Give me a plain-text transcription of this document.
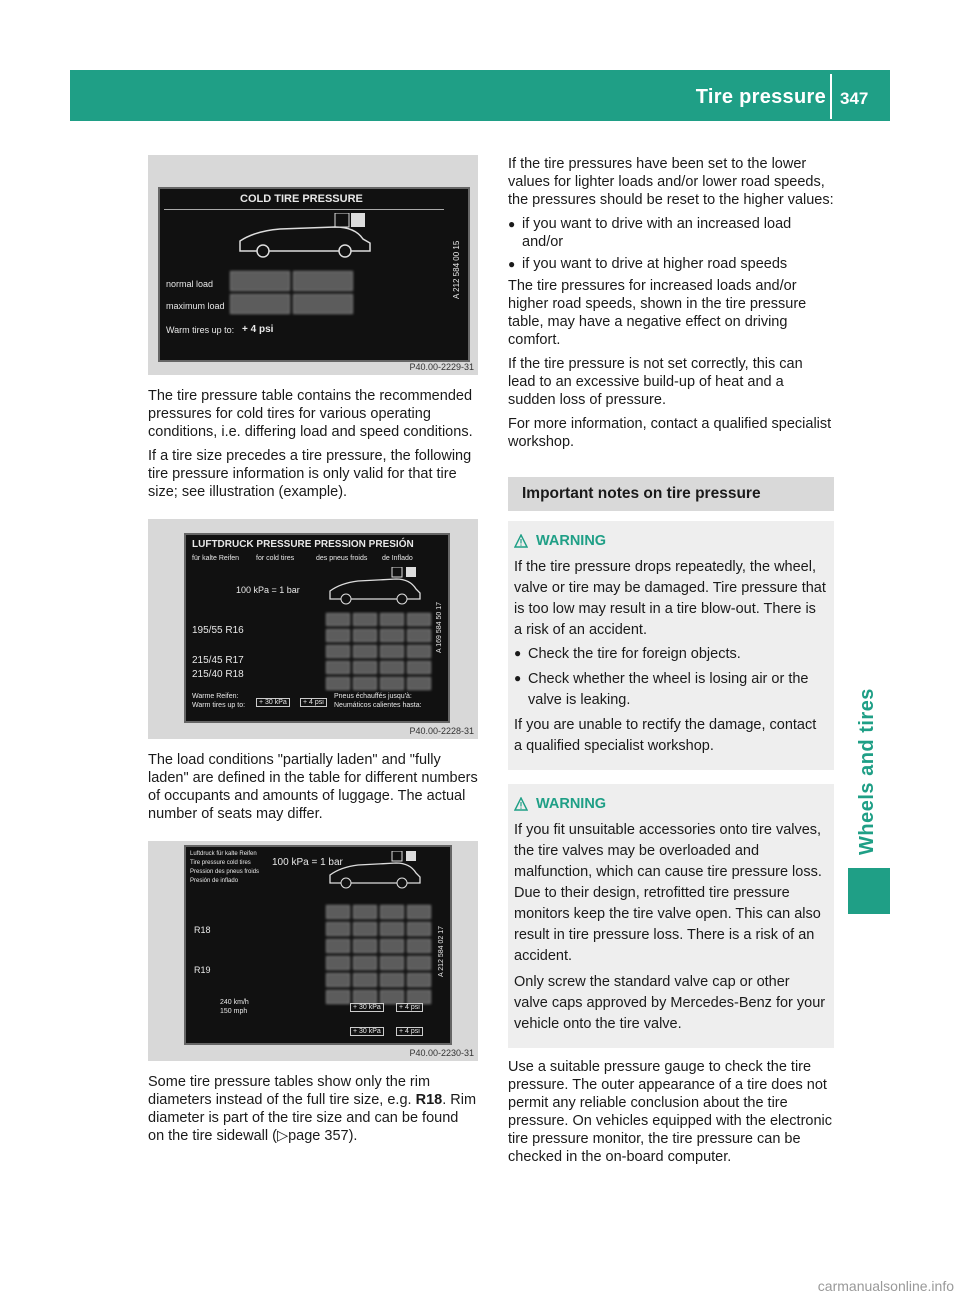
Tire pressure 347
Wheels and tires
COLD TIRE PRESSURE
normal load
maximum load
Warm tires up to: + 4 psi
A 212 584 00 15
P40.00-2229-31

The tire pressure table contains the recommended pressures for cold tires for various operating conditions, i.e. differing load and speed conditions.

If a tire size precedes a tire pressure, the following tire pressure information is only valid for that tire size; see illustration (example).

LUFTDRUCK PRESSURE PRESSION PRESIÓN
für kalte Reifen for cold tires	des pneus froids de Inflado
100 kPa = 1 bar
195/55 R16
215/45 R17
215/40 R18
Warme Reifen:
Warm tires up to:	+ 30 kPa	+ 4 psi
Pneus échauffés jusqu'à:
Neumáticos calientes hasta:
A 169 584 50 17
P40.00-2228-31

The load conditions "partially laden" and "fully laden" are defined in the table for different numbers of occupants and amounts of luggage. The actual number of seats may differ.

Luftdruck für kalte Reifen
Tire pressure cold tires
Pression des pneus froids
Presión de inflado
100 kPa = 1 bar
R18
R19
240 km/h
150 mph
+ 30 kPa	+ 4 psi
+ 30 kPa	+ 4 psi
A 212 584 02 17
P40.00-2230-31

Some tire pressure tables show only the rim diameters instead of the full tire size, e.g. R18. Rim diameter is part of the tire size and can be found on the tire sidewall (▷page 357).

If the tire pressures have been set to the lower values for lighter loads and/or lower road speeds, the pressures should be reset to the higher values:

● if you want to drive with an increased load and/or
● if you want to drive at higher road speeds

The tire pressures for increased loads and/or higher road speeds, shown in the tire pressure table, may have a negative effect on driving comfort.

If the tire pressure is not set correctly, this can lead to an excessive build-up of heat and a sudden loss of pressure.

For more information, contact a qualified specialist workshop.

Important notes on tire pressure
WARNING

If the tire pressure drops repeatedly, the wheel, valve or tire may be damaged. Tire pressure that is too low may result in a tire blow-out. There is a risk of an accident.

● Check the tire for foreign objects.
● Check whether the wheel is losing air or the valve is leaking.

If you are unable to rectify the damage, contact a qualified specialist workshop.

WARNING

If you fit unsuitable accessories onto tire valves, the tire valves may be overloaded and malfunction, which can cause tire pressure loss. Due to their design, retrofitted tire pressure monitors keep the tire valve open. This can also result in tire pressure loss. There is a risk of an accident.

Only screw the standard valve cap or other valve caps approved by Mercedes-Benz for your vehicle onto the tire valve.

Use a suitable pressure gauge to check the tire pressure. The outer appearance of a tire does not permit any reliable conclusion about the tire pressure. On vehicles equipped with the electronic tire pressure monitor, the tire pressure can be checked in the on-board computer.

carmanualsonline.info
